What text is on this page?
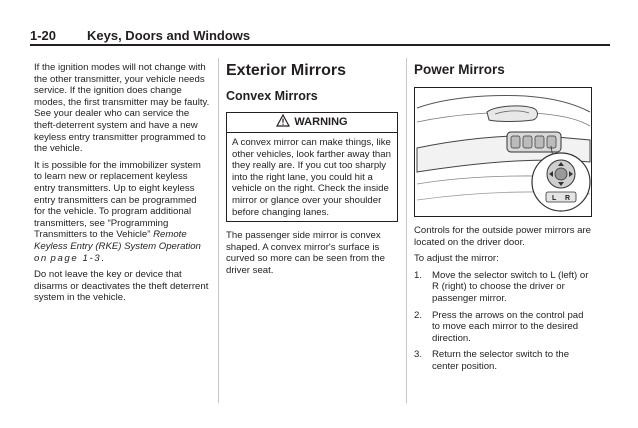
1-20 Keys, Doors and Windows

If the ignition modes will not change with the other transmitter, your vehicle needs service. If the ignition does change modes, the first transmitter may be faulty. See your dealer who can service the theft-deterrent system and have a new keyless entry transmitter programmed to the vehicle.

It is possible for the immobilizer system to learn new or replacement keyless entry transmitters. Up to eight keyless entry transmitters can be programmed for the vehicle. To program additional transmitters, see “Programming Transmitters to the Vehicle” Remote Keyless Entry (RKE) System Operation on page 1-3.

Do not leave the key or device that disarms or deactivates the theft deterrent system in the vehicle.

Exterior Mirrors
Convex Mirrors
WARNING
A convex mirror can make things, like other vehicles, look farther away than they really are. If you cut too sharply into the right lane, you could hit a vehicle on the right. Check the inside mirror or glance over your shoulder before changing lanes.

The passenger side mirror is convex shaped. A convex mirror's surface is curved so more can be seen from the driver seat.

Power Mirrors
L R

Controls for the outside power mirrors are located on the driver door.

To adjust the mirror:

1. Move the selector switch to L (left) or R (right) to choose the driver or passenger mirror.
2. Press the arrows on the control pad to move each mirror to the desired direction.
3. Return the selector switch to the center position.
